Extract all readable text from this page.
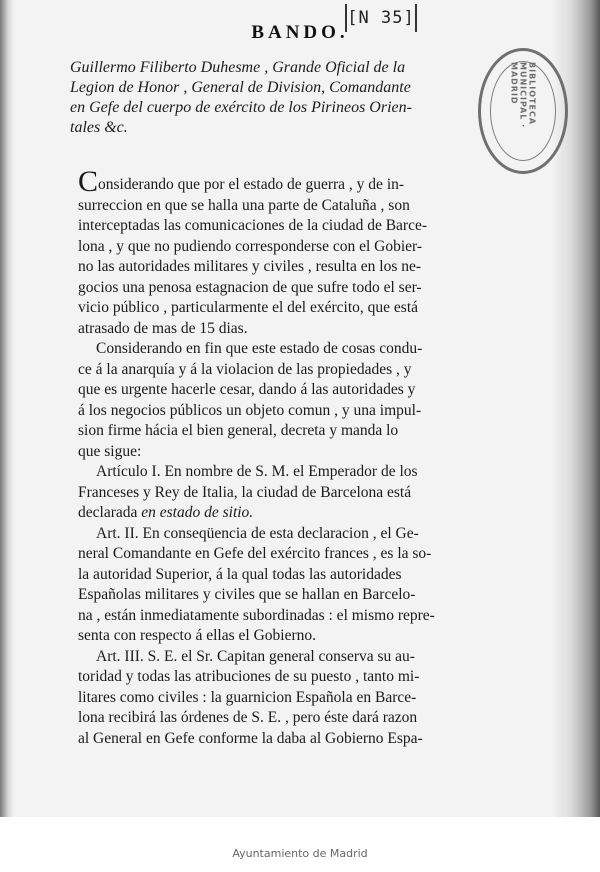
[N 35]
BANDO.
Guillermo Filiberto Duhesme , Grande Oficial de la
Legion de Honor , General de Division, Comandante
en Gefe del cuerpo de exército de los Pirineos Orien-
tales &c.
BIBLIOTECA MUNICIPAL · MADRID
Considerando que por el estado de guerra , y de in-
surreccion en que se halla una parte de Cataluña , son
interceptadas las comunicaciones de la ciudad de Barce-
lona , y que no pudiendo corresponderse con el Gobier-
no las autoridades militares y civiles , resulta en los ne-
gocios una penosa estagnacion de que sufre todo el ser-
vicio público , particularmente el del exército, que está
atrasado de mas de 15 dias.
Considerando en fin que este estado de cosas condu-
ce á la anarquía y á la violacion de las propiedades , y
que es urgente hacerle cesar, dando á las autoridades y
á los negocios públicos un objeto comun , y una impul-
sion firme hácia el bien general, decreta y manda lo
que sigue:
Artículo I. En nombre de S. M. el Emperador de los
Franceses y Rey de Italia, la ciudad de Barcelona está
declarada en estado de sitio.
Art. II. En conseqüencia de esta declaracion , el Ge-
neral Comandante en Gefe del exército frances , es la so-
la autoridad Superior, á la qual todas las autoridades
Españolas militares y civiles que se hallan en Barcelo-
na , están inmediatamente subordinadas : el mismo repre-
senta con respecto á ellas el Gobierno.
Art. III. S. E. el Sr. Capitan general conserva su au-
toridad y todas las atribuciones de su puesto , tanto mi-
litares como civiles : la guarnicion Española en Barce-
lona recibirá las órdenes de S. E. , pero éste dará razon
al General en Gefe conforme la daba al Gobierno Espa-
Ayuntamiento de Madrid
